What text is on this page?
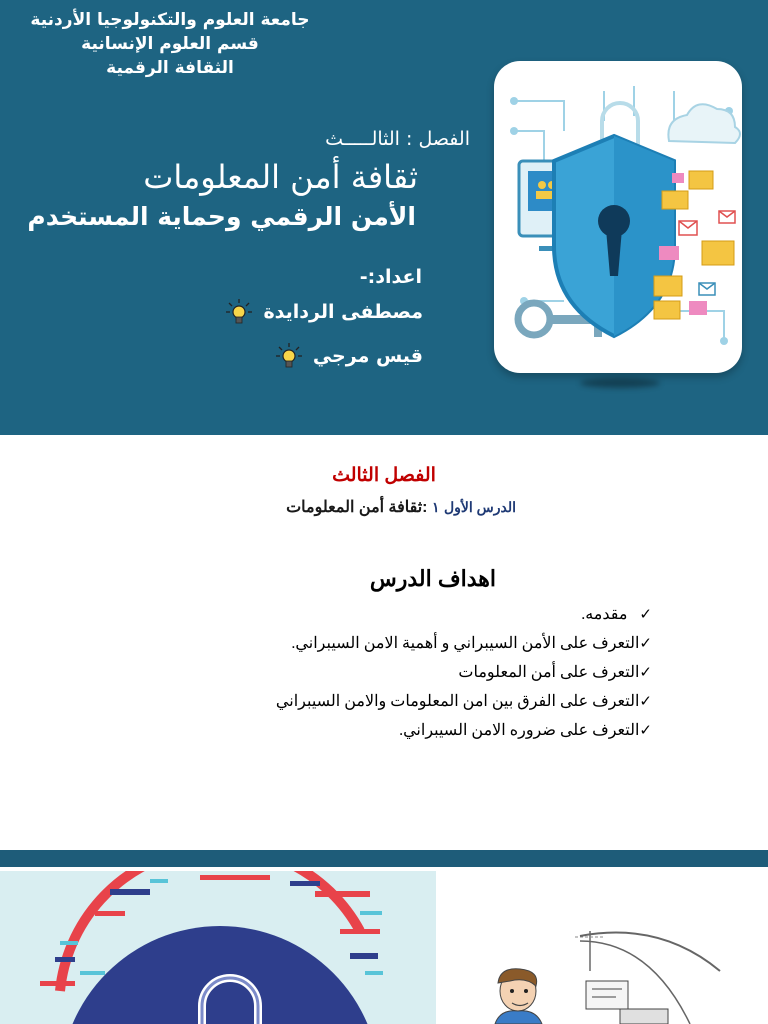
جامعة العلوم والتكنولوجيا الأردنية
قسم العلوم الإنسانية
الثقافة الرقمية
الفصل : الثالـــــث
ثقافة أمن المعلومات
الأمن الرقمي وحماية المستخدم
اعداد:-
مصطفى الردايدة
قيس مرجي
الفصل الثالث
الدرس الأول ١ :ثقافة أمن المعلومات
اهداف الدرس
✓   مقدمه.
✓التعرف على الأمن السيبراني و أهمية الامن السيبراني.
✓التعرف على أمن المعلومات
✓التعرف على الفرق بين امن المعلومات والامن السيبراني
✓التعرف على ضروره الامن السيبراني.
